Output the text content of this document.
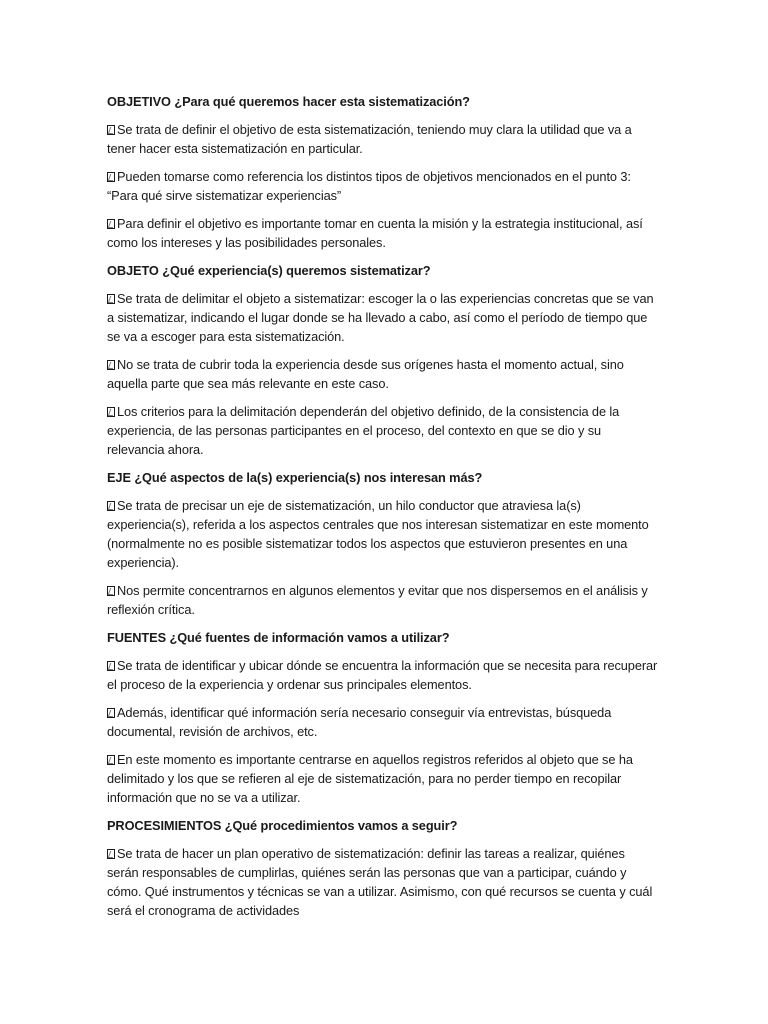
OBJETIVO ¿Para qué queremos hacer esta sistematización?

Se trata de definir el objetivo de esta sistematización, teniendo muy clara la utilidad que va a tener hacer esta sistematización en particular.

Pueden tomarse como referencia los distintos tipos de objetivos mencionados en el punto 3: “Para qué sirve sistematizar experiencias”

Para definir el objetivo es importante tomar en cuenta la misión y la estrategia institucional, así como los intereses y las posibilidades personales.

OBJETO ¿Qué experiencia(s) queremos sistematizar?

Se trata de delimitar el objeto a sistematizar: escoger la o las experiencias concretas que se van a sistematizar, indicando el lugar donde se ha llevado a cabo, así como el período de tiempo que se va a escoger para esta sistematización.

No se trata de cubrir toda la experiencia desde sus orígenes hasta el momento actual, sino aquella parte que sea más relevante en este caso.

Los criterios para la delimitación dependerán del objetivo definido, de la consistencia de la experiencia, de las personas participantes en el proceso, del contexto en que se dio y su relevancia ahora.

EJE ¿Qué aspectos de la(s) experiencia(s) nos interesan más?

Se trata de precisar un eje de sistematización, un hilo conductor que atraviesa la(s) experiencia(s), referida a los aspectos centrales que nos interesan sistematizar en este momento (normalmente no es posible sistematizar todos los aspectos que estuvieron presentes en una experiencia).

Nos permite concentrarnos en algunos elementos y evitar que nos dispersemos en el análisis y reflexión crítica.

FUENTES ¿Qué fuentes de información vamos a utilizar?

Se trata de identificar y ubicar dónde se encuentra la información que se necesita para recuperar el proceso de la experiencia y ordenar sus principales elementos.

Además, identificar qué información sería necesario conseguir vía entrevistas, búsqueda documental, revisión de archivos, etc.

En este momento es importante centrarse en aquellos registros referidos al objeto que se ha delimitado y los que se refieren al eje de sistematización, para no perder tiempo en recopilar información que no se va a utilizar.

PROCESIMIENTOS ¿Qué procedimientos vamos a seguir?

Se trata de hacer un plan operativo de sistematización: definir las tareas a realizar, quiénes serán responsables de cumplirlas, quiénes serán las personas que van a participar, cuándo y cómo. Qué instrumentos y técnicas se van a utilizar. Asimismo, con qué recursos se cuenta y cuál será el cronograma de actividades
